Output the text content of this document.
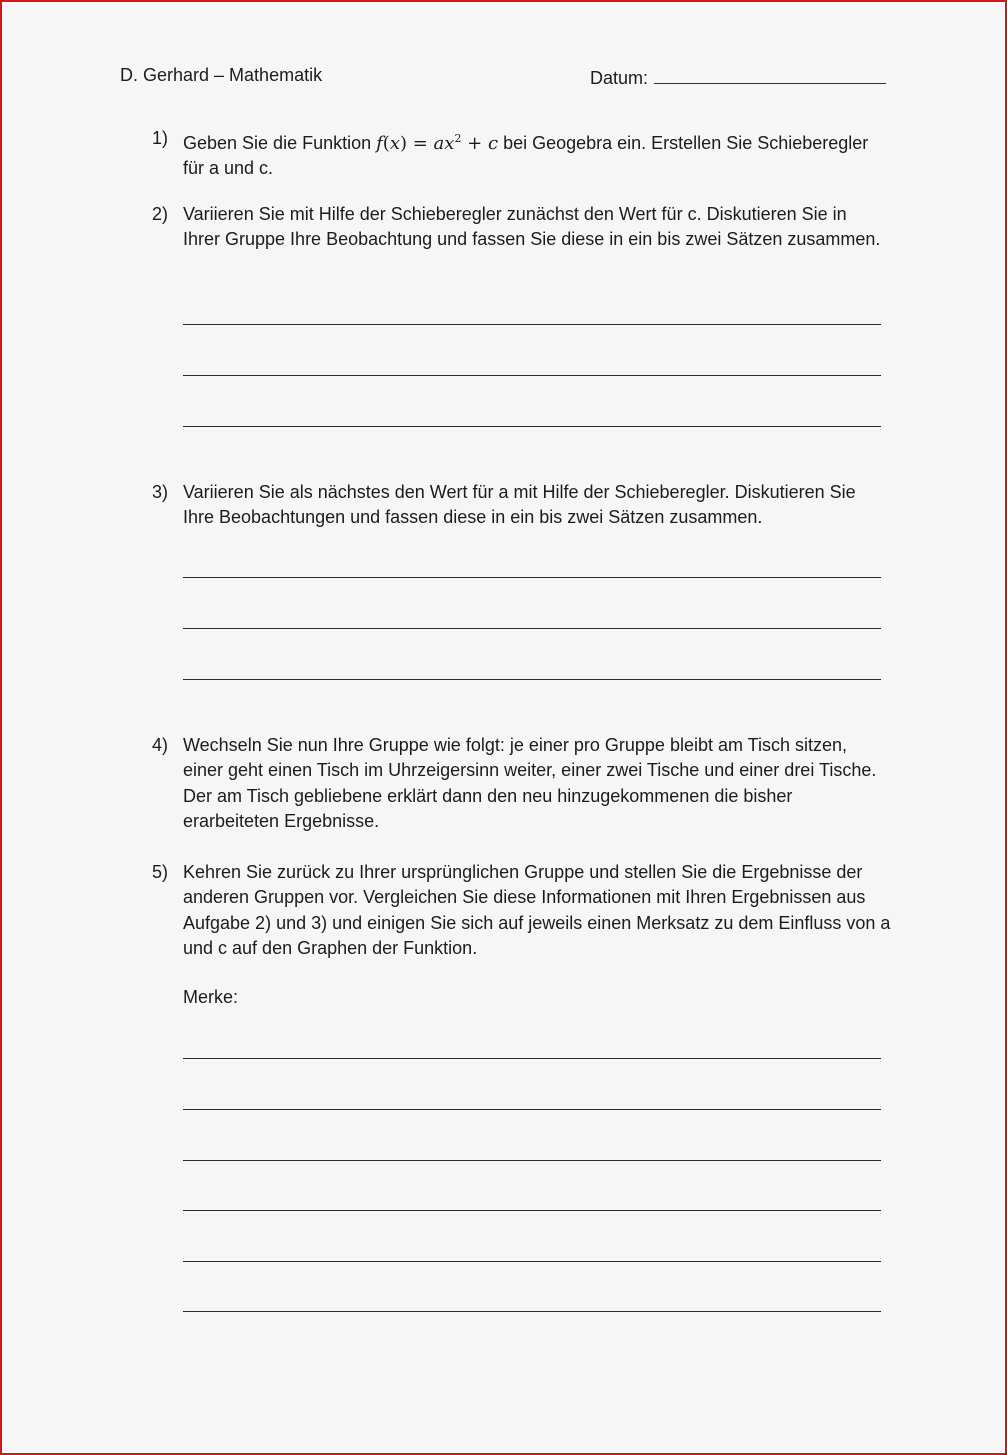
D. Gerhard – Mathematik	Datum:
1) Geben Sie die Funktion $f(x) = ax^2 + c$ bei Geogebra ein. Erstellen Sie Schieberegler für a und c.
2) Variieren Sie mit Hilfe der Schieberegler zunächst den Wert für c. Diskutieren Sie in Ihrer Gruppe Ihre Beobachtung und fassen Sie diese in ein bis zwei Sätzen zusammen.
3) Variieren Sie als nächstes den Wert für a mit Hilfe der Schieberegler. Diskutieren Sie Ihre Beobachtungen und fassen diese in ein bis zwei Sätzen zusammen.
4) Wechseln Sie nun Ihre Gruppe wie folgt: je einer pro Gruppe bleibt am Tisch sitzen, einer geht einen Tisch im Uhrzeigersinn weiter, einer zwei Tische und einer drei Tische. Der am Tisch gebliebene erklärt dann den neu hinzugekommenen die bisher erarbeiteten Ergebnisse.
5) Kehren Sie zurück zu Ihrer ursprünglichen Gruppe und stellen Sie die Ergebnisse der anderen Gruppen vor. Vergleichen Sie diese Informationen mit Ihren Ergebnissen aus Aufgabe 2) und 3) und einigen Sie sich auf jeweils einen Merksatz zu dem Einfluss von a und c auf den Graphen der Funktion.
Merke:
